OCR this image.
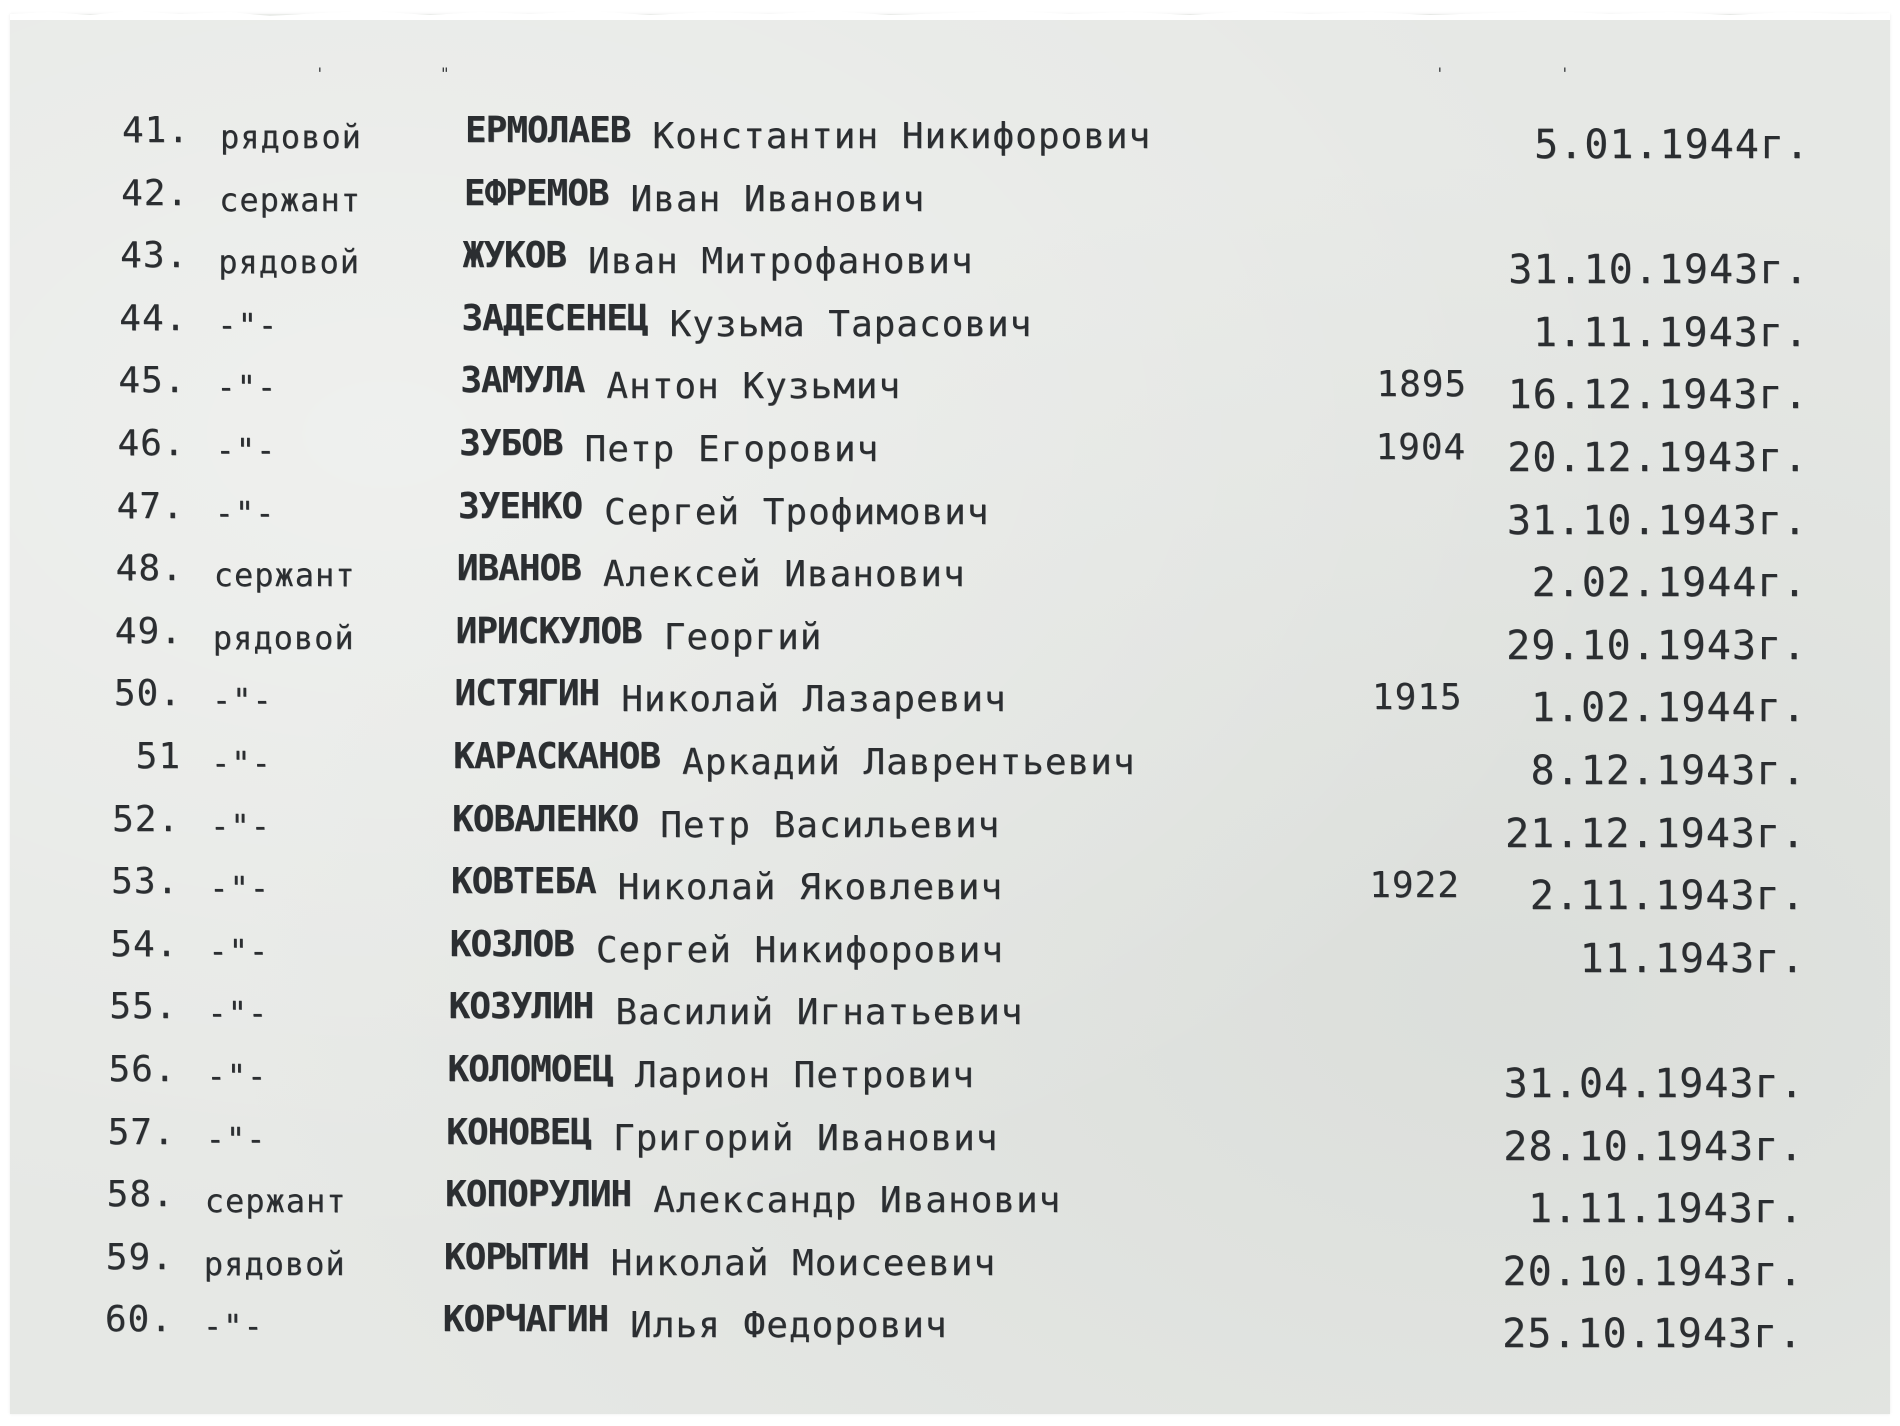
'	"	'	'
41. рядовой	ЕРМОЛАЕВ Константин Никифорович	5.01.1944г.
42. сержант	ЕФРЕМОВ Иван Иванович
43. рядовой	ЖУКОВ Иван Митрофанович	31.10.1943г.
44. -"-	ЗАДЕСЕНЕЦ Кузьма Тарасович	1.11.1943г.
45. -"-	ЗАМУЛА Антон Кузьмич	1895	16.12.1943г.
46. -"-	ЗУБОВ Петр Егорович	1904	20.12.1943г.
47. -"-	ЗУЕНКО Сергей Трофимович	31.10.1943г.
48. сержант	ИВАНОВ Алексей Иванович	2.02.1944г.
49. рядовой	ИРИСКУЛОВ Георгий	29.10.1943г.
50. -"-	ИСТЯГИН Николай Лазаревич	1915	1.02.1944г.
51 -"-	КАРАСКАНОВ Аркадий Лаврентьевич	8.12.1943г.
52. -"-	КОВАЛЕНКО Петр Васильевич	21.12.1943г.
53. -"-	КОВТЕБА Николай Яковлевич	1922	2.11.1943г.
54. -"-	КОЗЛОВ Сергей Никифорович	11.1943г.
55. -"-	КОЗУЛИН Василий Игнатьевич
56. -"-	КОЛОМОЕЦ Ларион Петрович	31.04.1943г.
57. -"-	КОНОВЕЦ Григорий Иванович	28.10.1943г.
58. сержант	КОПОРУЛИН Александр Иванович	1.11.1943г.
59. рядовой	КОРЫТИН Николай Моисеевич	20.10.1943г.
60. -"-	КОРЧАГИН Илья Федорович	25.10.1943г.
